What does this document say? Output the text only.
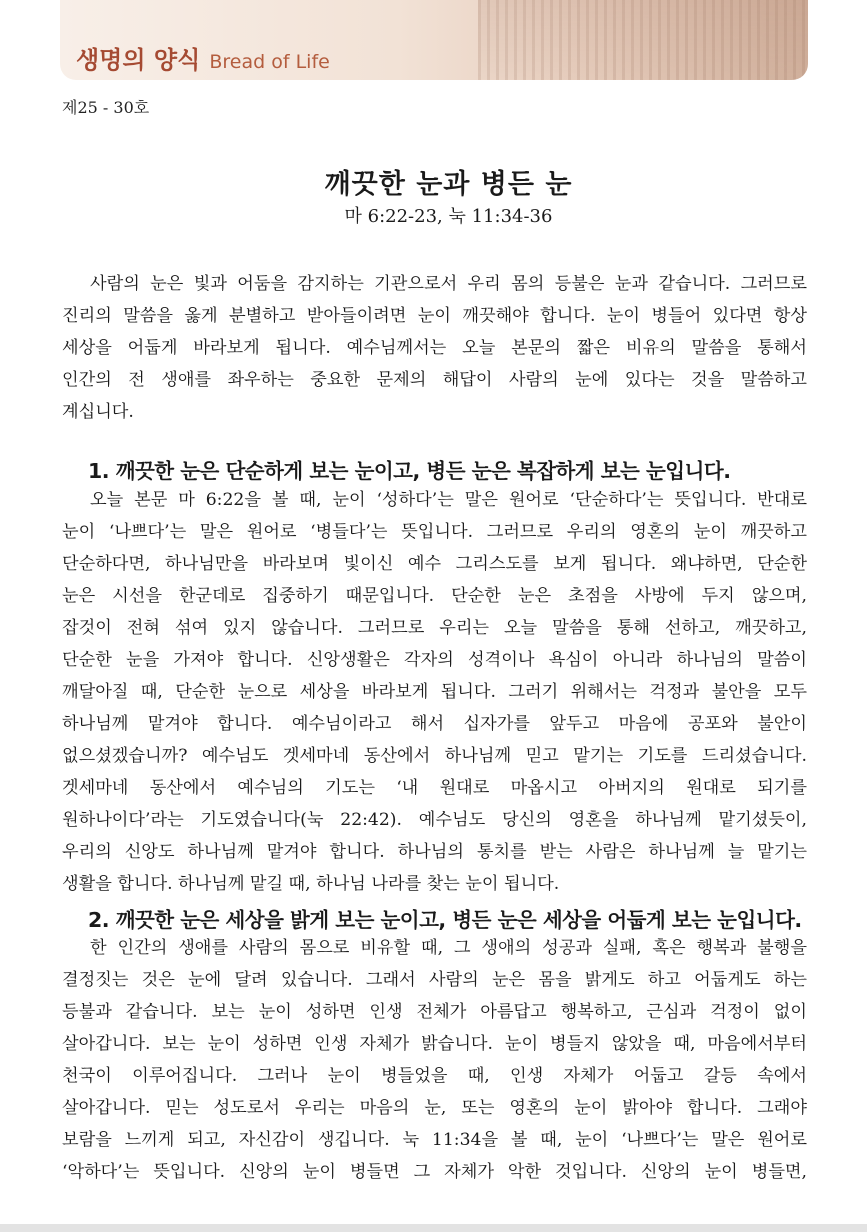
생명의 양식 Bread of Life
제25 - 30호
깨끗한 눈과 병든 눈
마 6:22-23, 눅 11:34-36
사람의 눈은 빛과 어둠을 감지하는 기관으로서 우리 몸의 등불은 눈과 같습니다. 그러므로
진리의 말씀을 옳게 분별하고 받아들이려면 눈이 깨끗해야 합니다. 눈이 병들어 있다면 항상
세상을 어둡게 바라보게 됩니다. 예수님께서는 오늘 본문의 짧은 비유의 말씀을 통해서
인간의 전 생애를 좌우하는 중요한 문제의 해답이 사람의 눈에 있다는 것을 말씀하고
계십니다.
1. 깨끗한 눈은 단순하게 보는 눈이고, 병든 눈은 복잡하게 보는 눈입니다.
오늘 본문 마 6:22을 볼 때, 눈이 ‘성하다’는 말은 원어로 ‘단순하다’는 뜻입니다. 반대로
눈이 ‘나쁘다’는 말은 원어로 ‘병들다’는 뜻입니다. 그러므로 우리의 영혼의 눈이 깨끗하고
단순하다면, 하나님만을 바라보며 빛이신 예수 그리스도를 보게 됩니다. 왜냐하면, 단순한
눈은 시선을 한군데로 집중하기 때문입니다. 단순한 눈은 초점을 사방에 두지 않으며,
잡것이 전혀 섞여 있지 않습니다. 그러므로 우리는 오늘 말씀을 통해 선하고, 깨끗하고,
단순한 눈을 가져야 합니다. 신앙생활은 각자의 성격이나 욕심이 아니라 하나님의 말씀이
깨달아질 때, 단순한 눈으로 세상을 바라보게 됩니다. 그러기 위해서는 걱정과 불안을 모두
하나님께 맡겨야 합니다. 예수님이라고 해서 십자가를 앞두고 마음에 공포와 불안이
없으셨겠습니까? 예수님도 겟세마네 동산에서 하나님께 믿고 맡기는 기도를 드리셨습니다.
겟세마네 동산에서 예수님의 기도는 ‘내 원대로 마옵시고 아버지의 원대로 되기를
원하나이다’라는 기도였습니다(눅 22:42). 예수님도 당신의 영혼을 하나님께 맡기셨듯이,
우리의 신앙도 하나님께 맡겨야 합니다. 하나님의 통치를 받는 사람은 하나님께 늘 맡기는
생활을 합니다. 하나님께 맡길 때, 하나님 나라를 찾는 눈이 됩니다.
2. 깨끗한 눈은 세상을 밝게 보는 눈이고, 병든 눈은 세상을 어둡게 보는 눈입니다.
한 인간의 생애를 사람의 몸으로 비유할 때, 그 생애의 성공과 실패, 혹은 행복과 불행을
결정짓는 것은 눈에 달려 있습니다. 그래서 사람의 눈은 몸을 밝게도 하고 어둡게도 하는
등불과 같습니다. 보는 눈이 성하면 인생 전체가 아름답고 행복하고, 근심과 걱정이 없이
살아갑니다. 보는 눈이 성하면 인생 자체가 밝습니다. 눈이 병들지 않았을 때, 마음에서부터
천국이 이루어집니다. 그러나 눈이 병들었을 때, 인생 자체가 어둡고 갈등 속에서
살아갑니다. 믿는 성도로서 우리는 마음의 눈, 또는 영혼의 눈이 밝아야 합니다. 그래야
보람을 느끼게 되고, 자신감이 생깁니다. 눅 11:34을 볼 때, 눈이 ‘나쁘다’는 말은 원어로
‘악하다’는 뜻입니다. 신앙의 눈이 병들면 그 자체가 악한 것입니다. 신앙의 눈이 병들면,
